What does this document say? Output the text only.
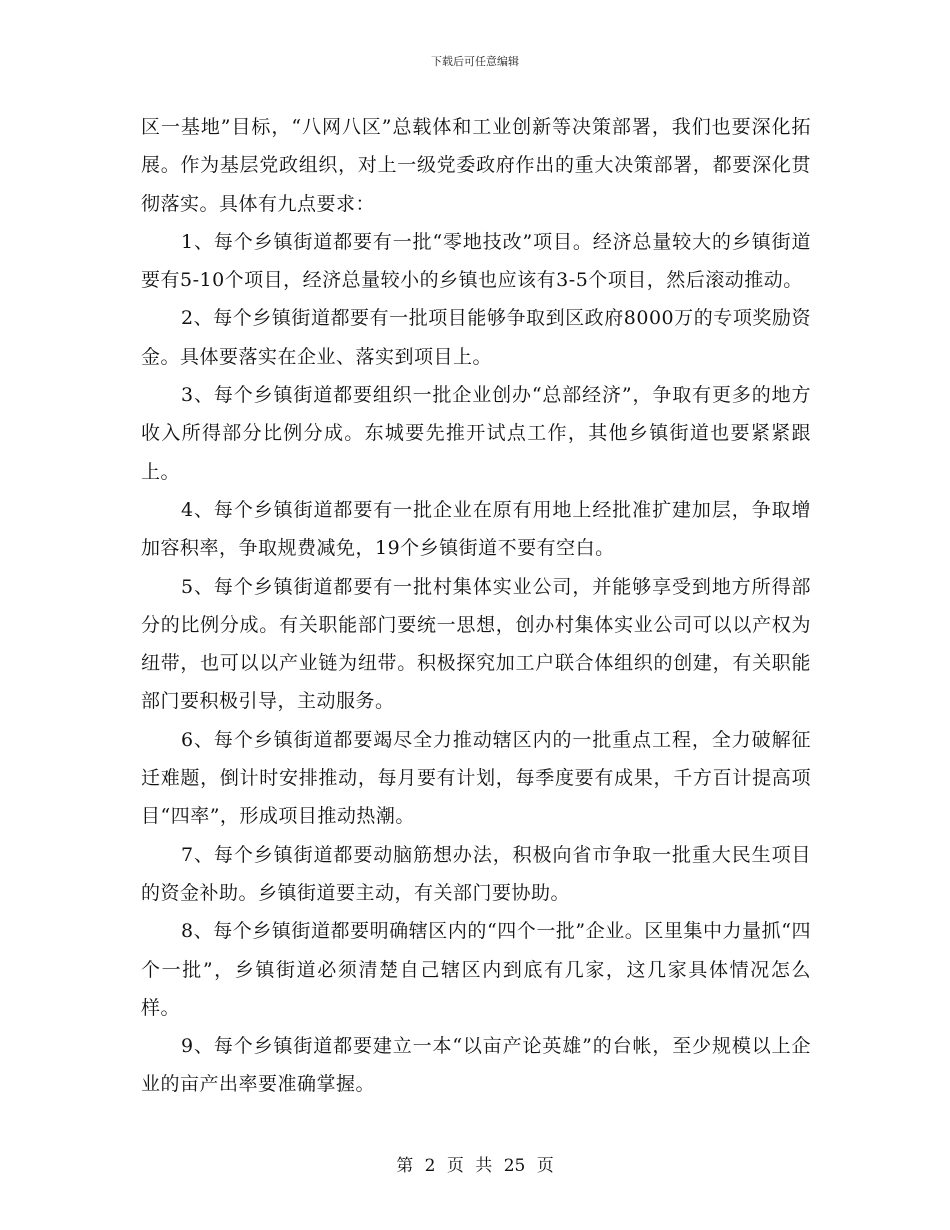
下载后可任意编辑

区一基地”目标，“八网八区”总载体和工业创新等决策部署，我们也要深化拓展。作为基层党政组织，对上一级党委政府作出的重大决策部署，都要深化贯彻落实。具体有九点要求：

1、每个乡镇街道都要有一批“零地技改”项目。经济总量较大的乡镇街道要有5-10个项目，经济总量较小的乡镇也应该有3-5个项目，然后滚动推动。

2、每个乡镇街道都要有一批项目能够争取到区政府8000万的专项奖励资金。具体要落实在企业、落实到项目上。

3、每个乡镇街道都要组织一批企业创办“总部经济”，争取有更多的地方收入所得部分比例分成。东城要先推开试点工作，其他乡镇街道也要紧紧跟上。

4、每个乡镇街道都要有一批企业在原有用地上经批准扩建加层，争取增加容积率，争取规费减免，19个乡镇街道不要有空白。

5、每个乡镇街道都要有一批村集体实业公司，并能够享受到地方所得部分的比例分成。有关职能部门要统一思想，创办村集体实业公司可以以产权为纽带，也可以以产业链为纽带。积极探究加工户联合体组织的创建，有关职能部门要积极引导，主动服务。

6、每个乡镇街道都要竭尽全力推动辖区内的一批重点工程，全力破解征迁难题，倒计时安排推动，每月要有计划，每季度要有成果，千方百计提高项目“四率”，形成项目推动热潮。

7、每个乡镇街道都要动脑筋想办法，积极向省市争取一批重大民生项目的资金补助。乡镇街道要主动，有关部门要协助。

8、每个乡镇街道都要明确辖区内的“四个一批”企业。区里集中力量抓“四个一批”，乡镇街道必须清楚自己辖区内到底有几家，这几家具体情况怎么样。

9、每个乡镇街道都要建立一本“以亩产论英雄”的台帐，至少规模以上企业的亩产出率要准确掌握。

第 2 页 共 25 页
